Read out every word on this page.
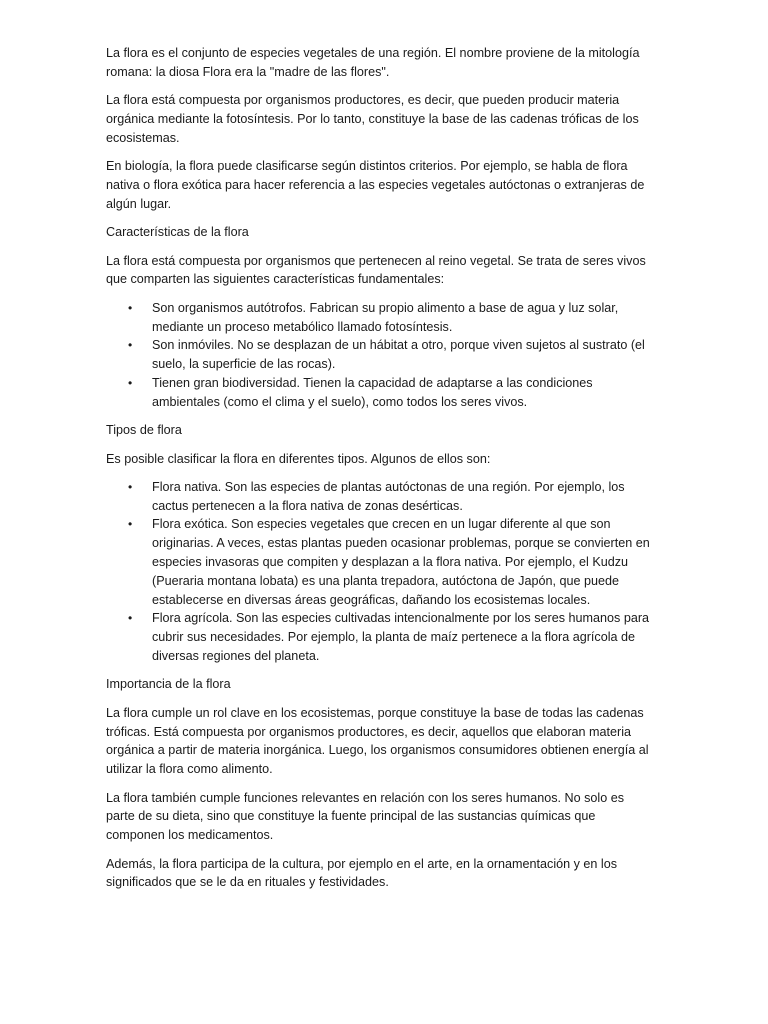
La flora es el conjunto de especies vegetales de una región. El nombre proviene de la mitología romana: la diosa Flora era la "madre de las flores".

La flora está compuesta por organismos productores, es decir, que pueden producir materia orgánica mediante la fotosíntesis. Por lo tanto, constituye la base de las cadenas tróficas de los ecosistemas.

En biología, la flora puede clasificarse según distintos criterios. Por ejemplo, se habla de flora nativa o flora exótica para hacer referencia a las especies vegetales autóctonas o extranjeras de algún lugar.

Características de la flora

La flora está compuesta por organismos que pertenecen al reino vegetal. Se trata de seres vivos que comparten las siguientes características fundamentales:

• Son organismos autótrofos. Fabrican su propio alimento a base de agua y luz solar, mediante un proceso metabólico llamado fotosíntesis.
• Son inmóviles. No se desplazan de un hábitat a otro, porque viven sujetos al sustrato (el suelo, la superficie de las rocas).
• Tienen gran biodiversidad. Tienen la capacidad de adaptarse a las condiciones ambientales (como el clima y el suelo), como todos los seres vivos.

Tipos de flora

Es posible clasificar la flora en diferentes tipos. Algunos de ellos son:

• Flora nativa. Son las especies de plantas autóctonas de una región. Por ejemplo, los cactus pertenecen a la flora nativa de zonas desérticas.
• Flora exótica. Son especies vegetales que crecen en un lugar diferente al que son originarias. A veces, estas plantas pueden ocasionar problemas, porque se convierten en especies invasoras que compiten y desplazan a la flora nativa. Por ejemplo, el Kudzu (Pueraria montana lobata) es una planta trepadora, autóctona de Japón, que puede establecerse en diversas áreas geográficas, dañando los ecosistemas locales.
• Flora agrícola. Son las especies cultivadas intencionalmente por los seres humanos para cubrir sus necesidades. Por ejemplo, la planta de maíz pertenece a la flora agrícola de diversas regiones del planeta.

Importancia de la flora

La flora cumple un rol clave en los ecosistemas, porque constituye la base de todas las cadenas tróficas. Está compuesta por organismos productores, es decir, aquellos que elaboran materia orgánica a partir de materia inorgánica. Luego, los organismos consumidores obtienen energía al utilizar la flora como alimento.

La flora también cumple funciones relevantes en relación con los seres humanos. No solo es parte de su dieta, sino que constituye la fuente principal de las sustancias químicas que componen los medicamentos.

Además, la flora participa de la cultura, por ejemplo en el arte, en la ornamentación y en los significados que se le da en rituales y festividades.
